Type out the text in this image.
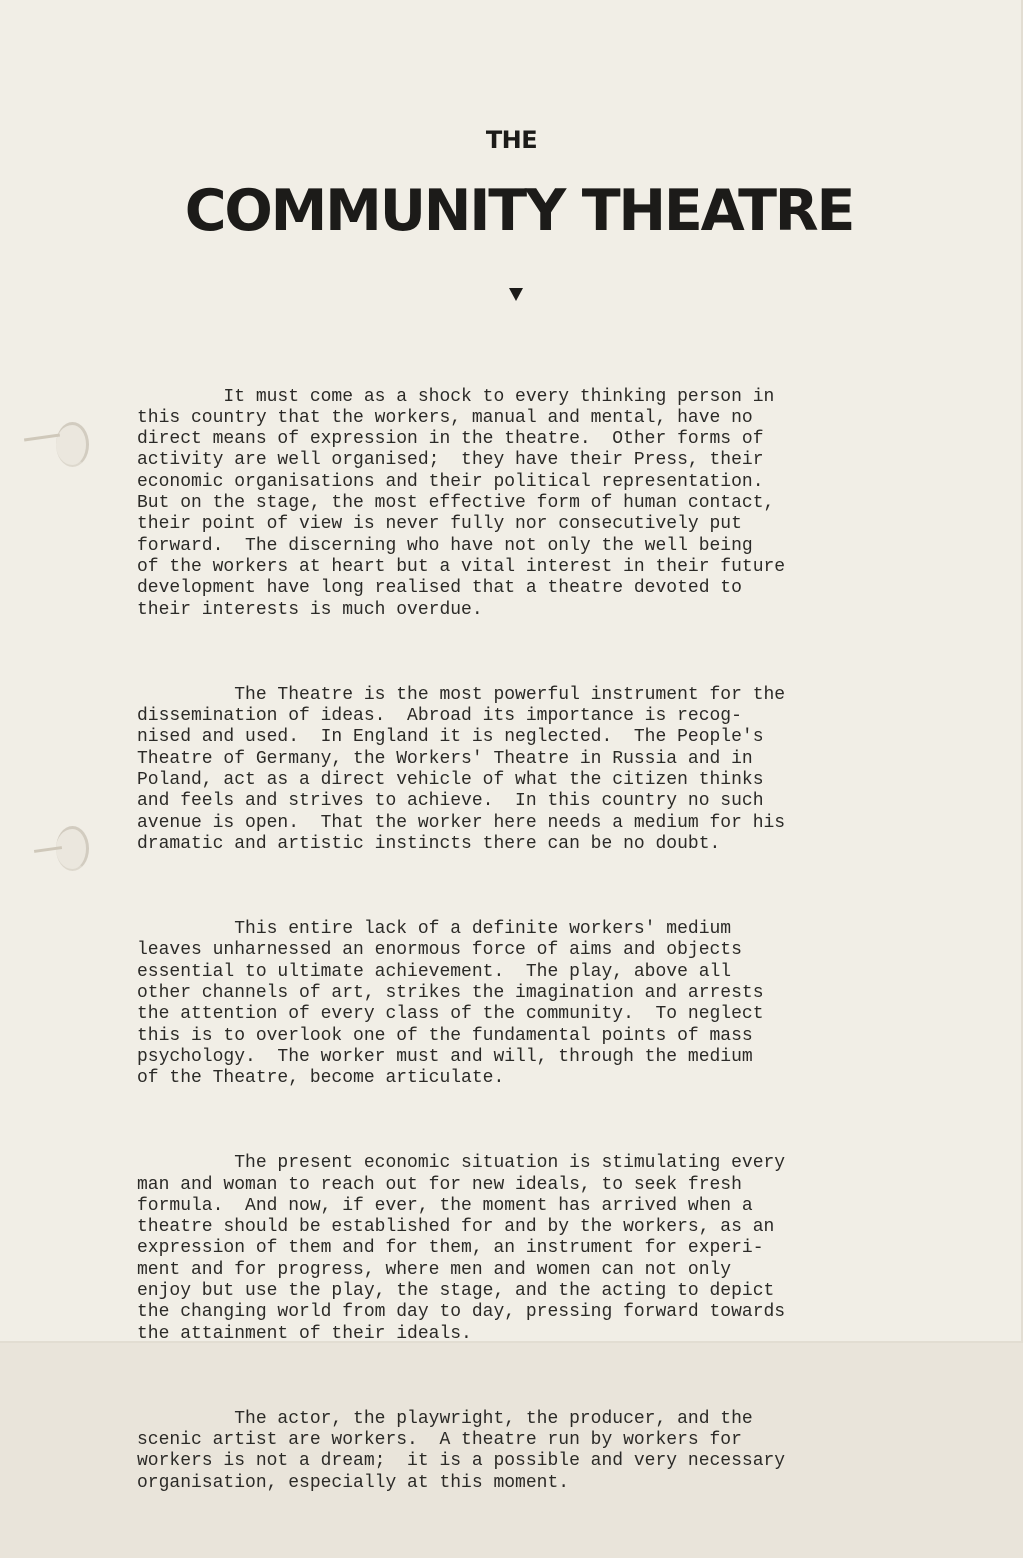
THE
COMMUNITY THEATRE

It must come as a shock to every thinking person in
this country that the workers, manual and mental, have no
direct means of expression in the theatre.  Other forms of
activity are well organised;  they have their Press, their
economic organisations and their political representation.
But on the stage, the most effective form of human contact,
their point of view is never fully nor consecutively put
forward.  The discerning who have not only the well being
of the workers at heart but a vital interest in their future
development have long realised that a theatre devoted to
their interests is much overdue.

The Theatre is the most powerful instrument for the
dissemination of ideas.  Abroad its importance is recog-
nised and used.  In England it is neglected.  The People's
Theatre of Germany, the Workers' Theatre in Russia and in
Poland, act as a direct vehicle of what the citizen thinks
and feels and strives to achieve.  In this country no such
avenue is open.  That the worker here needs a medium for his
dramatic and artistic instincts there can be no doubt.

This entire lack of a definite workers' medium
leaves unharnessed an enormous force of aims and objects
essential to ultimate achievement.  The play, above all
other channels of art, strikes the imagination and arrests
the attention of every class of the community.  To neglect
this is to overlook one of the fundamental points of mass
psychology.  The worker must and will, through the medium
of the Theatre, become articulate.

The present economic situation is stimulating every
man and woman to reach out for new ideals, to seek fresh
formula.  And now, if ever, the moment has arrived when a
theatre should be established for and by the workers, as an
expression of them and for them, an instrument for experi-
ment and for progress, where men and women can not only
enjoy but use the play, the stage, and the acting to depict
the changing world from day to day, pressing forward towards
the attainment of their ideals.

The actor, the playwright, the producer, and the
scenic artist are workers.  A theatre run by workers for
workers is not a dream;  it is a possible and very necessary
organisation, especially at this moment.
